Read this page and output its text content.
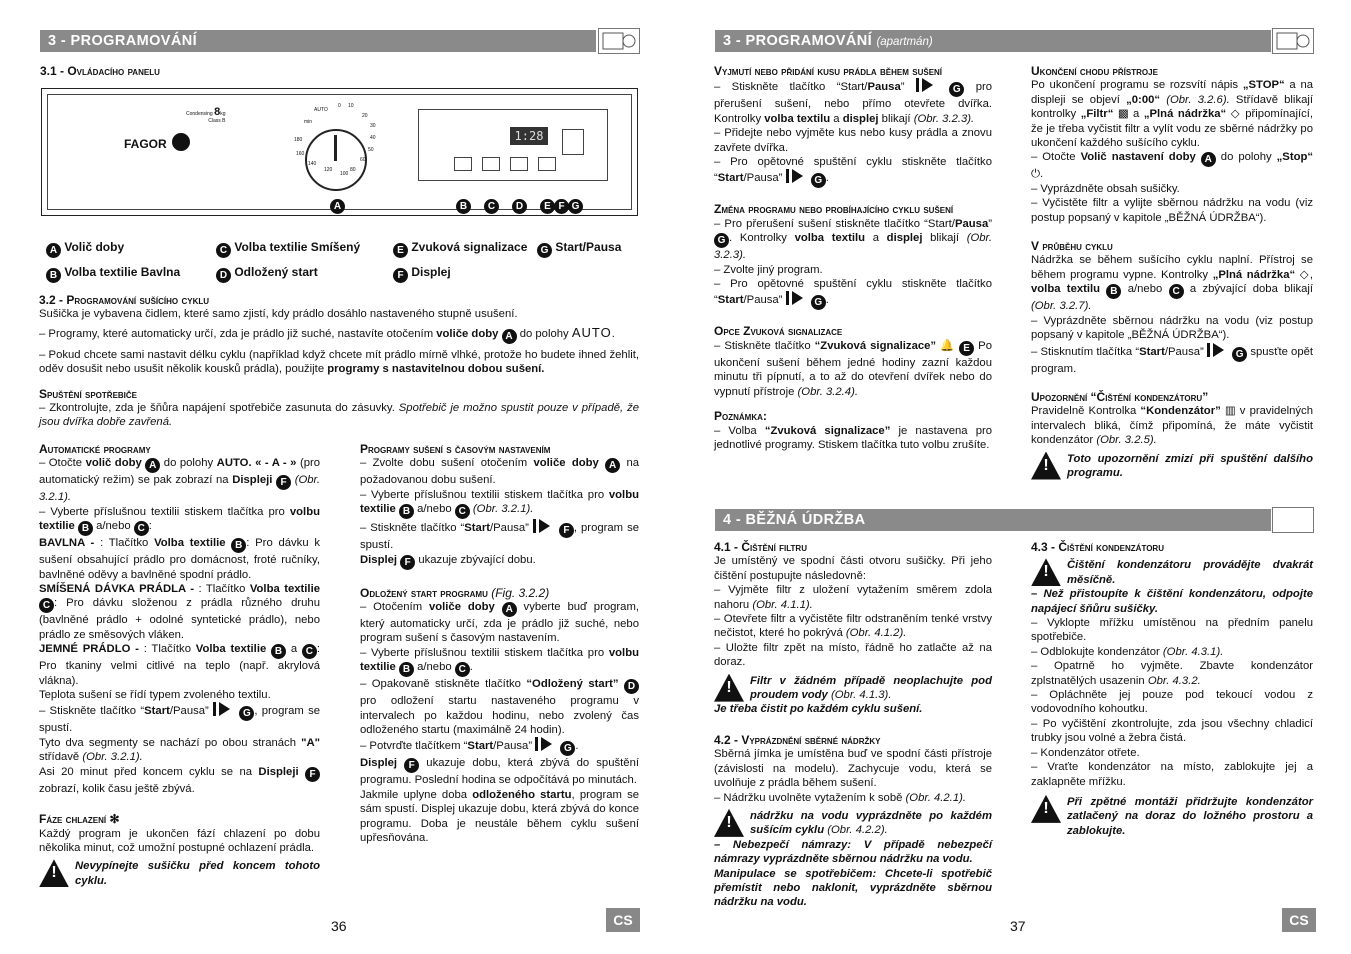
3 - PROGRAMOVÁNÍ
3.1 - Ovládacího panelu
FAGOR
Condensing 8kg
Class B
AUTO
0 10
20
30
40
50
60
80
100
120
140
160
180
min
1:28
A	B	C	D	E F G
A Volič doby	C Volba textilie Smíšený	E Zvuková signalizace	G Start/Pausa
B Volba textilie Bavlna	D Odložený start	F Displej
3.2 - Programování sušícího cyklu

Sušička je vybavena čidlem, které samo zjistí, kdy prádlo dosáhlo nastaveného stupně usušení.

– Programy, které automaticky určí, zda je prádlo již suché, nastavíte otočením voliče doby A do polohy AUTO.

– Pokud chcete sami nastavit délku cyklu (například když chcete mít prádlo mírně vlhké, protože ho budete ihned žehlit, oděv dosušit nebo usušit několik kousků prádla), použijte programy s nastavitelnou dobou sušení.

Spuštění spotřebiče

– Zkontrolujte, zda je šňůra napájení spotřebiče zasunuta do zásuvky. Spotřebič je možno spustit pouze v případě, že jsou dvířka dobře zavřená.

Automatické programy

– Otočte volič doby A do polohy AUTO. « - A - » (pro automatický režim) se pak zobrazí na Displeji F (Obr. 3.2.1).

– Vyberte příslušnou textilii stiskem tlačítka pro volbu textilie B a/nebo C :

BAVLNA - : Tlačítko Volba textilie B : Pro dávku k sušení obsahující prádlo pro domácnost, froté ručníky, bavlněné oděvy a bavlněné spodní prádlo.

SMÍŠENÁ DÁVKA PRÁDLA - : Tlačítko Volba textilie C : Pro dávku složenou z prádla různého druhu (bavlněné prádlo + odolné syntetické prádlo), nebo prádlo ze směsových vláken.

JEMNÉ PRÁDLO - : Tlačítko Volba textilie B a C : Pro tkaniny velmi citlivé na teplo (např. akrylová vlákna).

Teplota sušení se řídí typem zvoleného textilu.

– Stiskněte tlačítko “Start/Pausa”	G , program se spustí.

Tyto dva segmenty se nachází po obou stranách "A" střídavě (Obr. 3.2.1).

Asi 20 minut před koncem cyklu se na Displeji F zobrazí, kolik času ještě zbývá.

Fáze chlazení ✻

Každý program je ukončen fází chlazení po dobu několika minut, což umožní postupné ochlazení prádla.

!
Nevypínejte sušičku před koncem tohoto cyklu.
Programy sušení s časovým nastavením

– Zvolte dobu sušení otočením voliče doby A na požadovanou dobu sušení.

– Vyberte příslušnou textilii stiskem tlačítka pro volbu textilie B a/nebo C (Obr. 3.2.1).

– Stiskněte tlačítko “Start/Pausa”	F , program se spustí.

Displej F ukazuje zbývající dobu.

Odložený start programu (Fig. 3.2.2)

– Otočením voliče doby A vyberte buď program, který automaticky určí, zda je prádlo již suché, nebo program sušení s časovým nastavením.

– Vyberte příslušnou textilii stiskem tlačítka pro volbu textilie B a/nebo C .

– Opakovaně stiskněte tlačítko “Odložený start” D pro odložení startu nastaveného programu v intervalech po každou hodinu, nebo zvolený čas odloženého startu (maximálně 24 hodin).

– Potvrďte tlačítkem “Start/Pausa”	G .

Displej F ukazuje dobu, která zbývá do spuštění programu. Poslední hodina se odpočítává po minutách.

Jakmile uplyne doba odloženého startu, program se sám spustí. Displej ukazuje dobu, která zbývá do konce programu. Doba je neustále během cyklu sušení upřesňována.

36	CS
3 - PROGRAMOVÁNÍ (apartmán)
Vyjmutí nebo přidání kusu prádla během sušení

– Stiskněte tlačítko “Start/Pausa”	G pro přerušení sušení, nebo přímo otevřete dvířka. Kontrolky volba textilu a displej blikají (Obr. 3.2.3).

– Přidejte nebo vyjměte kus nebo kusy prádla a znovu zavřete dvířka.

– Pro opětovné spuštění cyklu stiskněte tlačítko “Start/Pausa”	G .

Změna programu nebo probíhajícího cyklu sušení

– Pro přerušení sušení stiskněte tlačítko “Start/Pausa” G . Kontrolky volba textilu a displej blikají (Obr. 3.2.3).

– Zvolte jiný program.

– Pro opětovné spuštění cyklu stiskněte tlačítko “Start/Pausa”	G .

Opce Zvuková signalizace

– Stiskněte tlačítko “Zvuková signalizace” 🔔 E Po ukončení sušení během jedné hodiny zazní každou minutu tři pípnutí, a to až do otevření dvířek nebo do vypnutí přístroje (Obr. 3.2.4).

Poznámka:

– Volba “Zvuková signalizace” je nastavena pro jednotlivé programy. Stiskem tlačítka tuto volbu zrušíte.

Ukončení chodu přístroje

Po ukončení programu se rozsvítí nápis „STOP“ a na displeji se objeví „0:00“ (Obr. 3.2.6). Střídavě blikají kontrolky „Filtr“ ▩ a „Plná nádržka“ ◇ připomínající, že je třeba vyčistit filtr a vylít vodu ze sběrné nádržky po ukončení každého sušícího cyklu.

– Otočte Volič nastavení doby A do polohy „Stop“ ⏻.

– Vyprázdněte obsah sušičky.

– Vyčistěte filtr a vylijte sběrnou nádržku na vodu (viz postup popsaný v kapitole „BĚŽNÁ ÚDRŽBA“).

V průběhu cyklu

Nádržka se během sušícího cyklu naplní. Přístroj se během programu vypne. Kontrolky „Plná nádržka“ ◇, volba textilu B a/nebo C a zbývající doba blikají (Obr. 3.2.7).

– Vyprázdněte sběrnou nádržku na vodu (viz postup popsaný v kapitole „BĚŽNÁ ÚDRŽBA“).

– Stisknutím tlačítka “Start/Pausa”	G spusťte opět program.

Upozornění “Čištění kondenzátoru”

Pravidelně Kontrolka “Kondenzátor” ▥ v pravidelných intervalech bliká, čímž připomíná, že máte vyčistit kondenzátor (Obr. 3.2.5).

!
Toto upozornění zmizí při spuštění dalšího programu.
4 - BĚŽNÁ ÚDRŽBA
4.1 - Čištění filtru

Je umístěný ve spodní části otvoru sušičky. Při jeho čištění postupujte následovně:

– Vyjměte filtr z uložení vytažením směrem zdola nahoru (Obr. 4.1.1).

– Otevřete filtr a vyčistěte filtr odstraněním tenké vrstvy nečistot, které ho pokrývá (Obr. 4.1.2).

– Uložte filtr zpět na místo, řádně ho zatlačte až na doraz.

!
Filtr v žádném případě neoplachujte pod proudem vody (Obr. 4.1.3).

Je třeba čistit po každém cyklu sušení.

4.2 - Vyprázdnění sběrné nádržky

Sběrná jímka je umístěna buď ve spodní části přístroje (závislosti na modelu). Zachycuje vodu, která se uvolňuje z prádla během sušení.

– Nádržku uvolněte vytažením k sobě (Obr. 4.2.1).

!
nádržku na vodu vyprázdněte po každém sušícím cyklu (Obr. 4.2.2).

– Nebezpečí námrazy: V případě nebezpečí námrazy vyprázdněte sběrnou nádržku na vodu.

Manipulace se spotřebičem: Chcete-li spotřebič přemístit nebo naklonit, vyprázdněte sběrnou nádržku na vodu.

4.3 - Čištění kondenzátoru
!
Čištění kondenzátoru provádějte dvakrát měsíčně.

– Než přistoupíte k čištění kondenzátoru, odpojte napájecí šňůru sušičky.

– Vyklopte mřížku umístěnou na předním panelu spotřebiče.

– Odblokujte kondenzátor (Obr. 4.3.1).

– Opatrně ho vyjměte. Zbavte kondenzátor zplstnatělých usazenin Obr. 4.3.2.

– Opláchněte jej pouze pod tekoucí vodou z vodovodního kohoutku.

– Po vyčištění zkontrolujte, zda jsou všechny chladicí trubky jsou volné a žebra čistá.

– Kondenzátor otřete.

– Vraťte kondenzátor na místo, zablokujte jej a zaklapněte mřížku.

!
Při zpětné montáži přidržujte kondenzátor zatlačený na doraz do ložného prostoru a zablokujte.
37	CS
